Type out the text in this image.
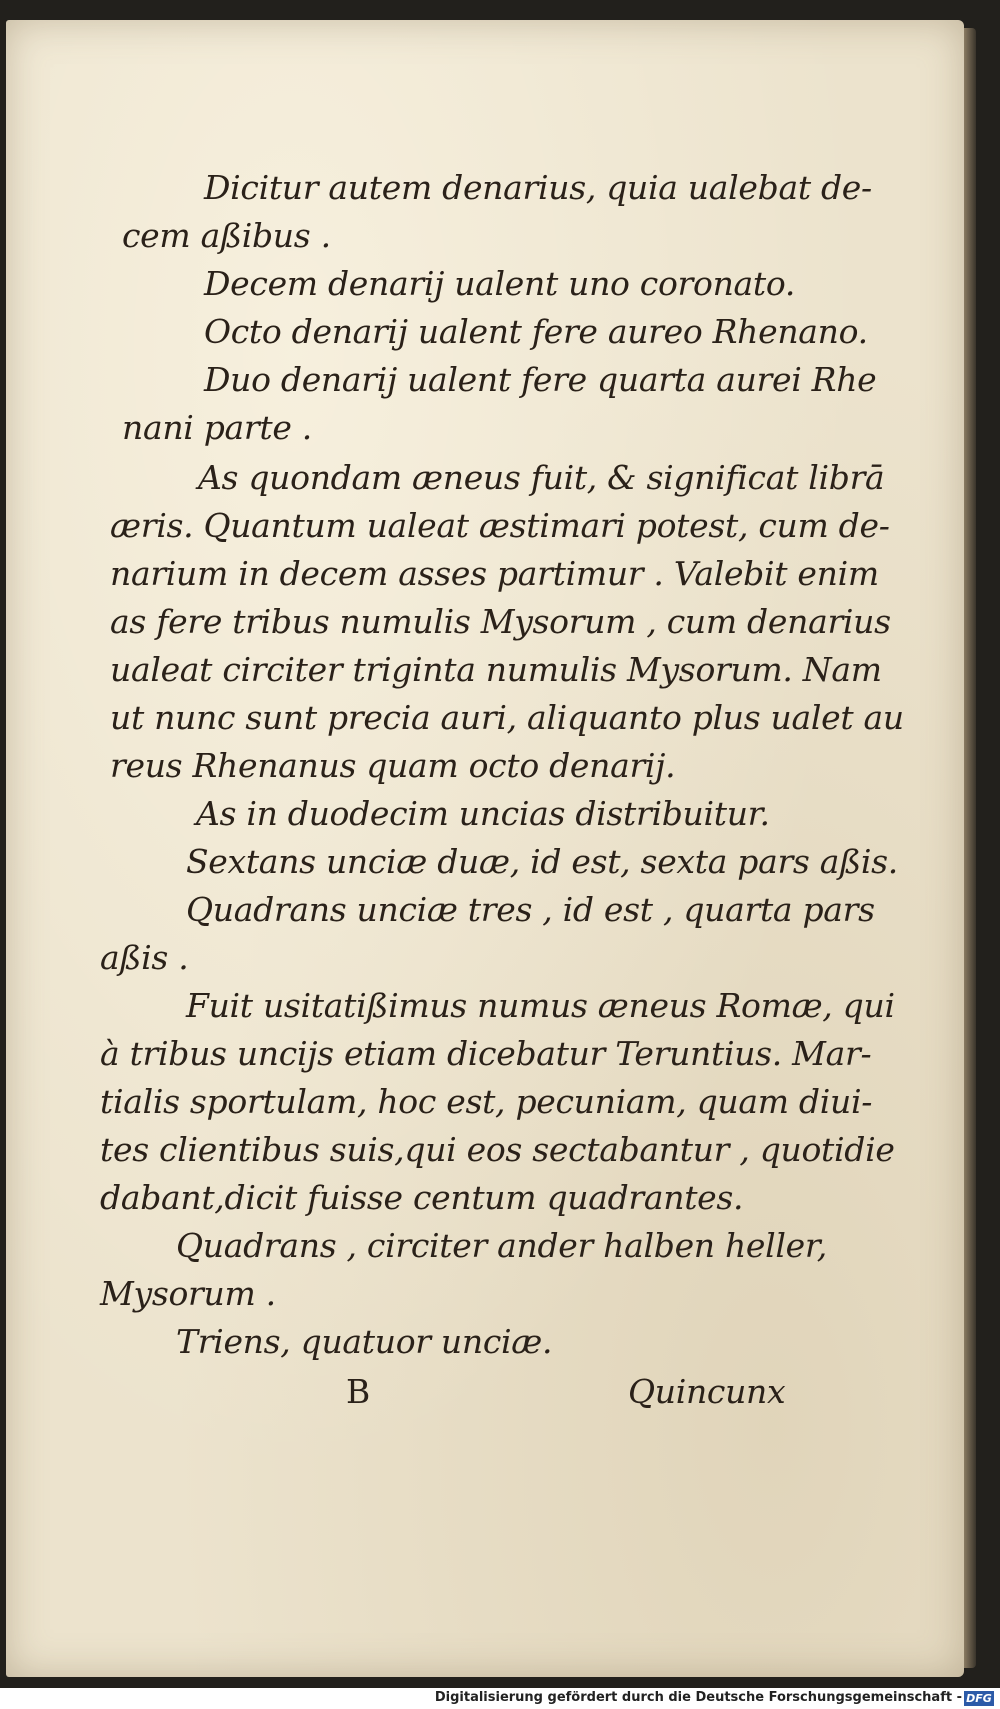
Dicitur autem denarius, quia ualebat de-
cem aßibus .
Decem denarij ualent uno coronato.
Octo denarij ualent fere aureo Rhenano.
Duo denarij ualent fere quarta aurei Rhe
nani parte .
As quondam æneus fuit, & significat librā
æris. Quantum ualeat æstimari potest, cum de-
narium in decem asses partimur . Valebit enim
as fere tribus numulis Mysorum , cum denarius
ualeat circiter triginta numulis Mysorum. Nam
ut nunc sunt precia auri, aliquanto plus ualet au
reus Rhenanus quam octo denarij.
As in duodecim uncias distribuitur.
Sextans unciæ duæ, id est, sexta pars aßis.
Quadrans unciæ tres , id est , quarta pars
aßis .
Fuit usitatißimus numus æneus Romæ, qui
à tribus uncijs etiam dicebatur Teruntius. Mar-
tialis sportulam, hoc est, pecuniam, quam diui-
tes clientibus suis,qui eos sectabantur , quotidie
dabant,dicit fuisse centum quadrantes.
Quadrans , circiter ander halben heller,
Mysorum .
Triens, quatuor unciæ.
B	Quincunx
Digitalisierung gefördert durch die Deutsche Forschungsgemeinschaft - DFG
